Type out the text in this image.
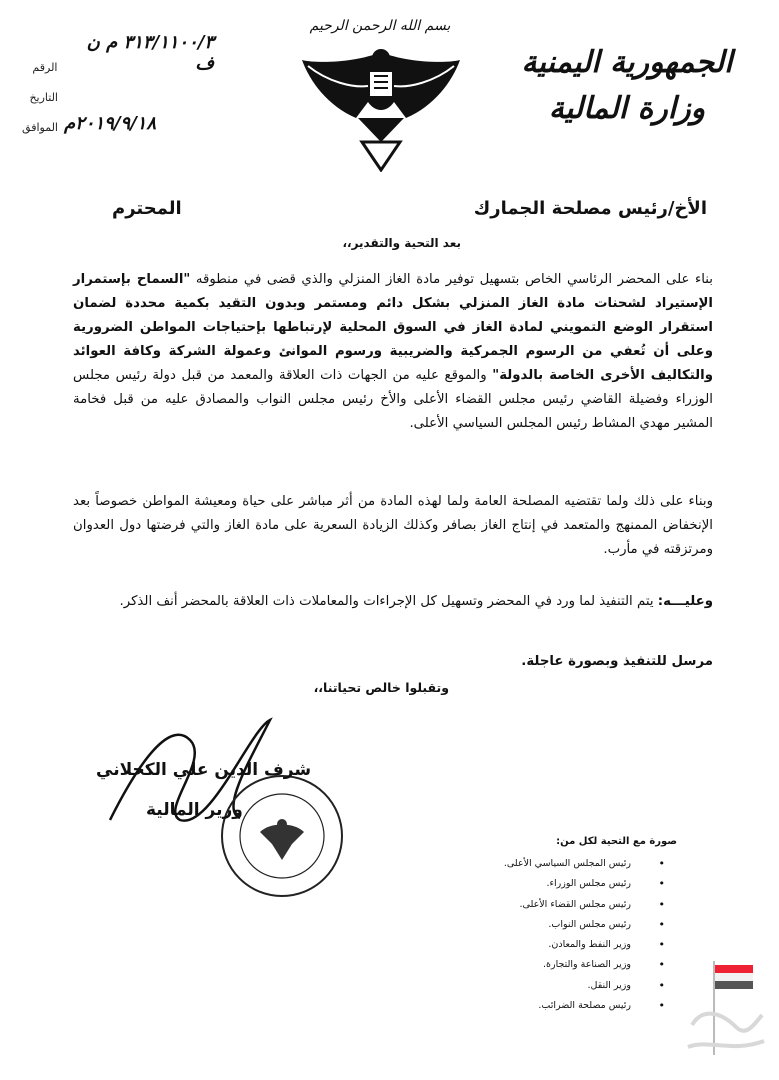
الجمهورية اليمنية
وزارة المالية
بسم الله الرحمن الرحيم
الرقم
٣١٣/١١٠٠/٣ م ن ف
التاريخ
الموافق ٢٠١٩/٩/١٨م
الأخ/رئيس مصلحة الجمارك
المحترم
بعد التحية والتقدير،،
بناء على المحضر الرئاسي الخاص بتسهيل توفير مادة الغاز المنزلي والذي قضى في منطوقه "السماح بإستمرار الإستيراد لشحنات مادة الغاز المنزلي بشكل دائم ومستمر وبدون التقيد بكمية محددة لضمان استقرار الوضع التمويني لمادة الغاز في السوق المحلية لإرتباطها بإحتياجات المواطن الضرورية وعلى أن تُعفي من الرسوم الجمركية والضريبية ورسوم الموانئ وعمولة الشركة وكافة العوائد والتكاليف الأخرى الخاصة بالدولة" والموقع عليه من الجهات ذات العلاقة والمعمد من قبل دولة رئيس مجلس الوزراء وفضيلة القاضي رئيس مجلس القضاء الأعلى والأخ رئيس مجلس النواب والمصادق عليه من قبل فخامة المشير مهدي المشاط رئيس المجلس السياسي الأعلى.
وبناء على ذلك ولما تقتضيه المصلحة العامة ولما لهذه المادة من أثر مباشر على حياة ومعيشة المواطن خصوصاً بعد الإنخفاض الممنهج والمتعمد في إنتاج الغاز بصافر وكذلك الزيادة السعرية على مادة الغاز والتي فرضتها دول العدوان ومرتزقته في مأرب.
وعليـــه: يتم التنفيذ لما ورد في المحضر وتسهيل كل الإجراءات والمعاملات ذات العلاقة بالمحضر أنف الذكر.
مرسل للتنفيذ وبصورة عاجلة.
وتقبلوا خالص تحياتنا،،
شرف الدين علي الكحلاني
وزير المالية
صورة مع التحية لكل من:
• رئيس المجلس السياسي الأعلى.
• رئيس مجلس الوزراء.
• رئيس مجلس القضاء الأعلى.
• رئيس مجلس النواب.
• وزير النفط والمعادن.
• وزير الصناعة والتجارة.
• وزير النقل.
• رئيس مصلحة الضرائب.
